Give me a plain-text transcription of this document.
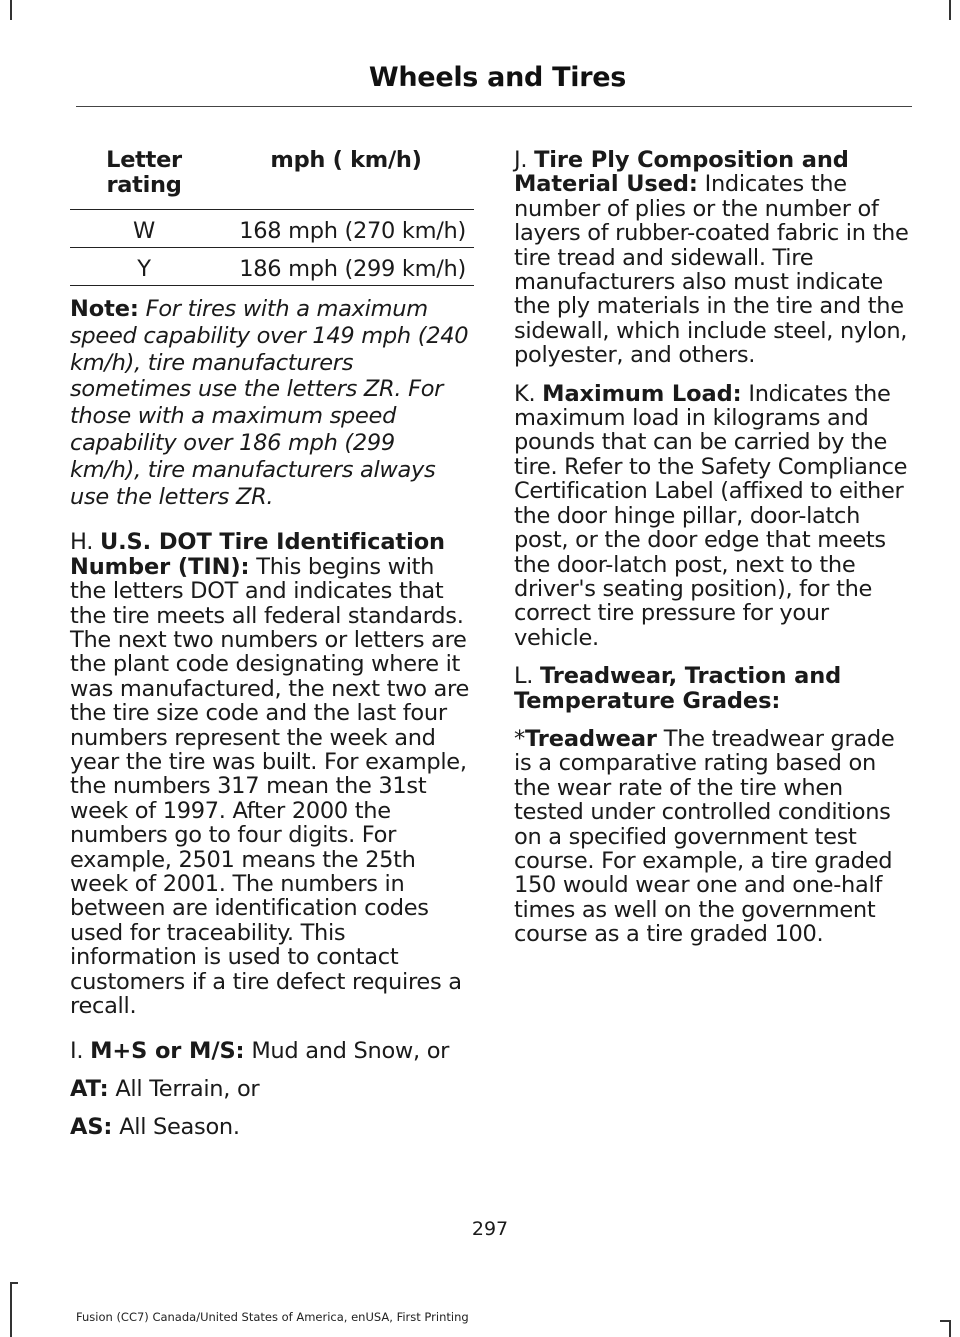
Wheels and Tires
Letter rating	mph ( km/h)
W	168 mph (270 km/h)
Y	186 mph (299 km/h)

Note: For tires with a maximum speed capability over 149 mph (240 km/h), tire manufacturers sometimes use the letters ZR. For those with a maximum speed capability over 186 mph (299 km/h), tire manufacturers always use the letters ZR.

H. U.S. DOT Tire Identification Number (TIN): This begins with the letters DOT and indicates that the tire meets all federal standards. The next two numbers or letters are the plant code designating where it was manufactured, the next two are the tire size code and the last four numbers represent the week and year the tire was built. For example, the numbers 317 mean the 31st week of 1997. After 2000 the numbers go to four digits. For example, 2501 means the 25th week of 2001. The numbers in between are identification codes used for traceability. This information is used to contact customers if a tire defect requires a recall.

I. M+S or M/S: Mud and Snow, or

AT: All Terrain, or

AS: All Season.

J. Tire Ply Composition and Material Used: Indicates the number of plies or the number of layers of rubber-coated fabric in the tire tread and sidewall. Tire manufacturers also must indicate the ply materials in the tire and the sidewall, which include steel, nylon, polyester, and others.

K. Maximum Load: Indicates the maximum load in kilograms and pounds that can be carried by the tire. Refer to the Safety Compliance Certification Label (affixed to either the door hinge pillar, door-latch post, or the door edge that meets the door-latch post, next to the driver's seating position), for the correct tire pressure for your vehicle.

L. Treadwear, Traction and Temperature Grades:

*Treadwear The treadwear grade is a comparative rating based on the wear rate of the tire when tested under controlled conditions on a specified government test course. For example, a tire graded 150 would wear one and one-half times as well on the government course as a tire graded 100.

297
Fusion (CC7) Canada/United States of America, enUSA, First Printing
